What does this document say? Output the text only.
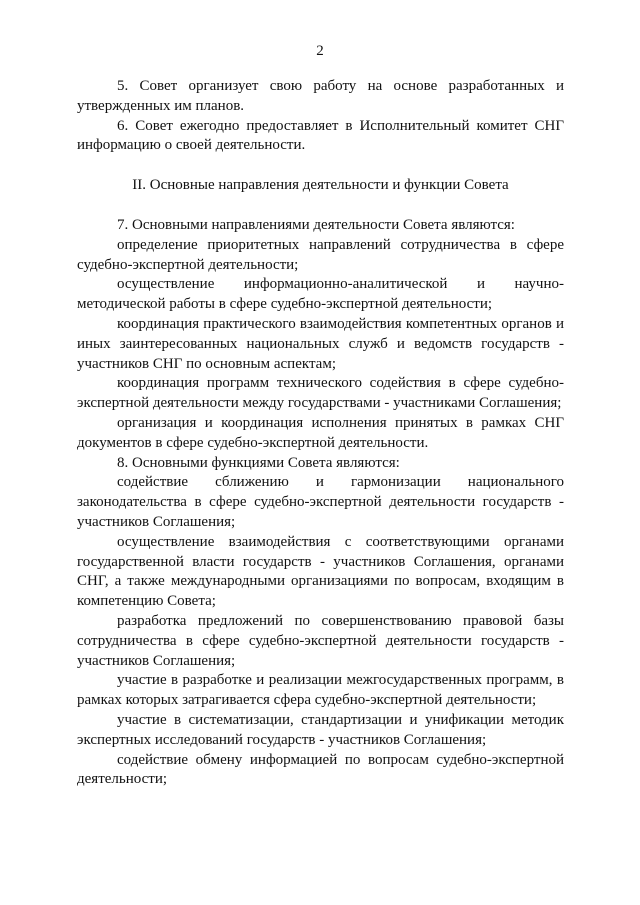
2

5. Совет организует свою работу на основе разработанных и утвержденных им планов.

6. Совет ежегодно предоставляет в Исполнительный комитет СНГ информацию о своей деятельности.

II. Основные направления деятельности и функции Совета

7. Основными направлениями деятельности Совета являются:

определение приоритетных направлений сотрудничества в сфере судебно-экспертной деятельности;

осуществление информационно-аналитической и научно-методической работы в сфере судебно-экспертной деятельности;

координация практического взаимодействия компетентных органов и иных заинтересованных национальных служб и ведомств государств - участников СНГ по основным аспектам;

координация программ технического содействия в сфере судебно-экспертной деятельности между государствами - участниками Соглашения;

организация и координация исполнения принятых в рамках СНГ документов в сфере судебно-экспертной деятельности.

8. Основными функциями Совета являются:

содействие сближению и гармонизации национального законодательства в сфере судебно-экспертной деятельности государств - участников Соглашения;

осуществление взаимодействия с соответствующими органами государственной власти государств - участников Соглашения, органами СНГ, а также международными организациями по вопросам, входящим в компетенцию Совета;

разработка предложений по совершенствованию правовой базы сотрудничества в сфере судебно-экспертной деятельности государств - участников Соглашения;

участие в разработке и реализации межгосударственных программ, в рамках которых затрагивается сфера судебно-экспертной деятельности;

участие в систематизации, стандартизации и унификации методик экспертных исследований государств - участников Соглашения;

содействие обмену информацией по вопросам судебно-экспертной деятельности;
